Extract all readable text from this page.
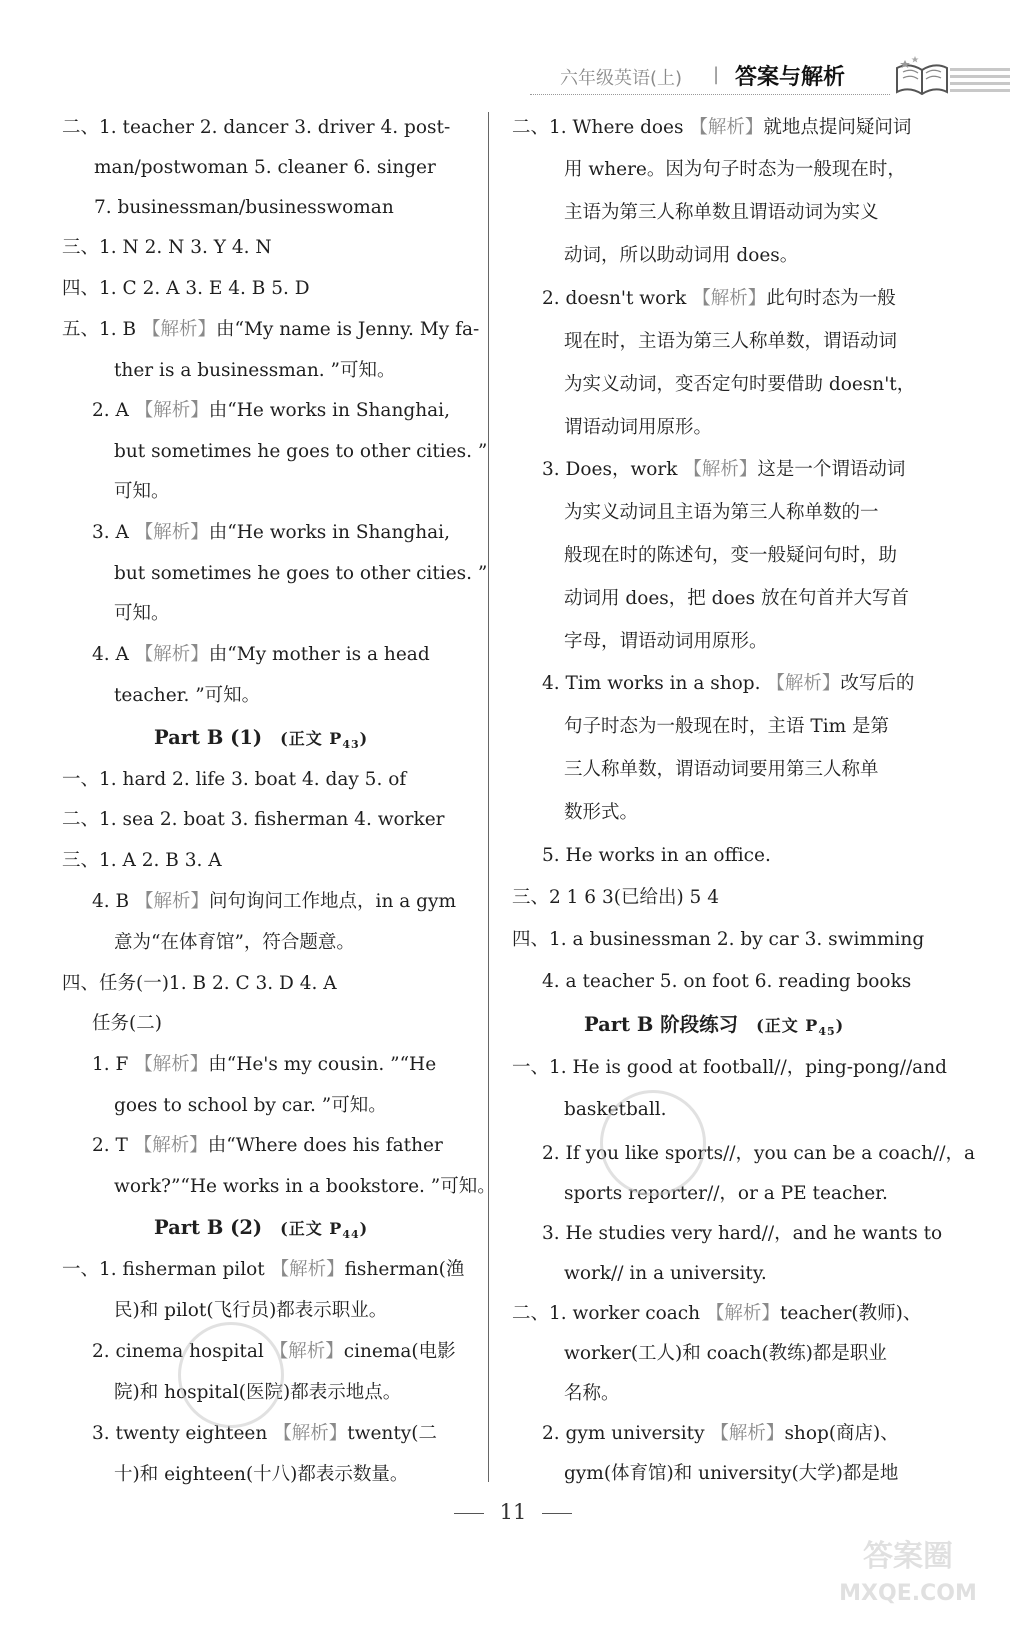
六年级英语(上) | 答案与解析
二、1. teacher 2. dancer 3. driver 4. post-
man/postwoman 5. cleaner 6. singer
7. businessman/businesswoman
三、1. N 2. N 3. Y 4. N
四、1. C 2. A 3. E 4. B 5. D
五、1. B 【解析】由“My name is Jenny. My fa-
ther is a businessman. ”可知。
2. A 【解析】由“He works in Shanghai,
but sometimes he goes to other cities. ”
可知。
3. A 【解析】由“He works in Shanghai,
but sometimes he goes to other cities. ”
可知。
4. A 【解析】由“My mother is a head
teacher. ”可知。
Part B (1) (正文 $P_{43}$)
一、1. hard 2. life 3. boat 4. day 5. of
二、1. sea 2. boat 3. fisherman 4. worker
三、1. A 2. B 3. A
4. B 【解析】问句询问工作地点，in a gym
意为“在体育馆”，符合题意。
四、任务(一)1. B 2. C 3. D 4. A
任务(二)
1. F 【解析】由“He's my cousin. ”“He
goes to school by car. ”可知。
2. T 【解析】由“Where does his father
work?”“He works in a bookstore. ”可知。
Part B (2) (正文 $P_{44}$)
一、1. fisherman pilot 【解析】fisherman(渔
民)和 pilot(飞行员)都表示职业。
2. cinema hospital 【解析】cinema(电影
院)和 hospital(医院)都表示地点。
3. twenty eighteen 【解析】twenty(二
十)和 eighteen(十八)都表示数量。
二、1. Where does 【解析】就地点提问疑问词
用 where。因为句子时态为一般现在时，
主语为第三人称单数且谓语动词为实义
动词，所以助动词用 does。
2. doesn't work 【解析】此句时态为一般
现在时，主语为第三人称单数，谓语动词
为实义动词，变否定句时要借助 doesn't，
谓语动词用原形。
3. Does，work 【解析】这是一个谓语动词
为实义动词且主语为第三人称单数的一
般现在时的陈述句，变一般疑问句时，助
动词用 does，把 does 放在句首并大写首
字母，谓语动词用原形。
4. Tim works in a shop. 【解析】改写后的
句子时态为一般现在时，主语 Tim 是第
三人称单数，谓语动词要用第三人称单
数形式。
5. He works in an office.
三、2 1 6 3(已给出) 5 4
四、1. a businessman 2. by car 3. swimming
4. a teacher 5. on foot 6. reading books
Part B 阶段练习 (正文 $P_{45}$)
一、1. He is good at football//，ping-pong//and
basketball.
2. If you like sports//，you can be a coach//，a
sports reporter//，or a PE teacher.
3. He studies very hard//，and he wants to
work// in a university.
二、1. worker coach 【解析】teacher(教师)、
worker(工人)和 coach(教练)都是职业
名称。
2. gym university 【解析】shop(商店)、
gym(体育馆)和 university(大学)都是地
11
答案圈
MXQE.COM
